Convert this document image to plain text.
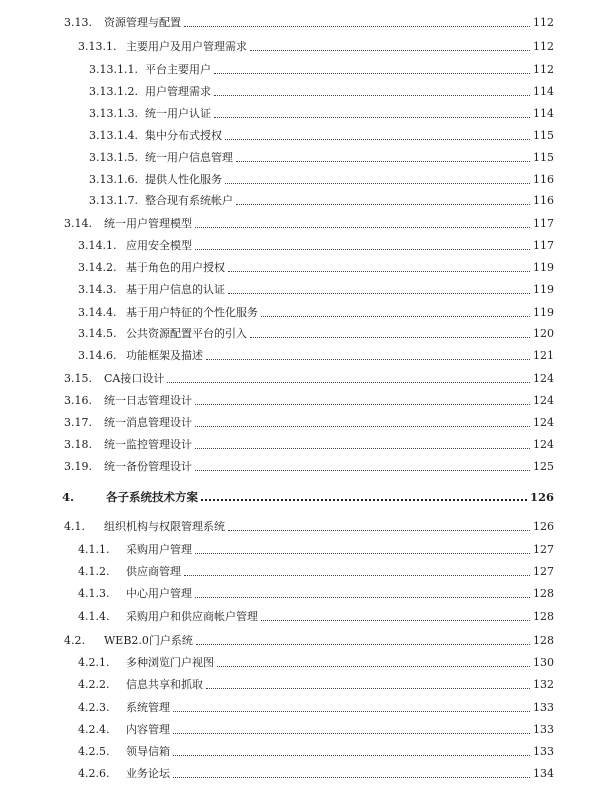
3.13.	资源管理与配置	112
3.13.1. 主要用户及用户管理需求	112
3.13.1.1. 平台主要用户	112
3.13.1.2. 用户管理需求	114
3.13.1.3. 统一用户认证	114
3.13.1.4. 集中分布式授权	115
3.13.1.5. 统一用户信息管理	115
3.13.1.6. 提供人性化服务	116
3.13.1.7. 整合现有系统帐户	116
3.14.	统一用户管理模型	117
3.14.1. 应用安全模型	117
3.14.2. 基于角色的用户授权	119
3.14.3. 基于用户信息的认证	119
3.14.4. 基于用户特征的个性化服务	119
3.14.5. 公共资源配置平台的引入	120
3.14.6. 功能框架及描述	121
3.15.	CA接口设计	124
3.16.	统一日志管理设计	124
3.17.	统一消息管理设计	124
3.18.	统一监控管理设计	124
3.19.	统一备份管理设计	125
4.	各子系统技术方案	126
4.1.	组织机构与权限管理系统	126
4.1.1.	采购用户管理	127
4.1.2.	供应商管理	127
4.1.3.	中心用户管理	128
4.1.4.	采购用户和供应商帐户管理	128
4.2.	WEB2.0门户系统	128
4.2.1.	多种浏览门户视图	130
4.2.2.	信息共享和抓取	132
4.2.3.	系统管理	133
4.2.4.	内容管理	133
4.2.5.	领导信箱	133
4.2.6.	业务论坛	134
